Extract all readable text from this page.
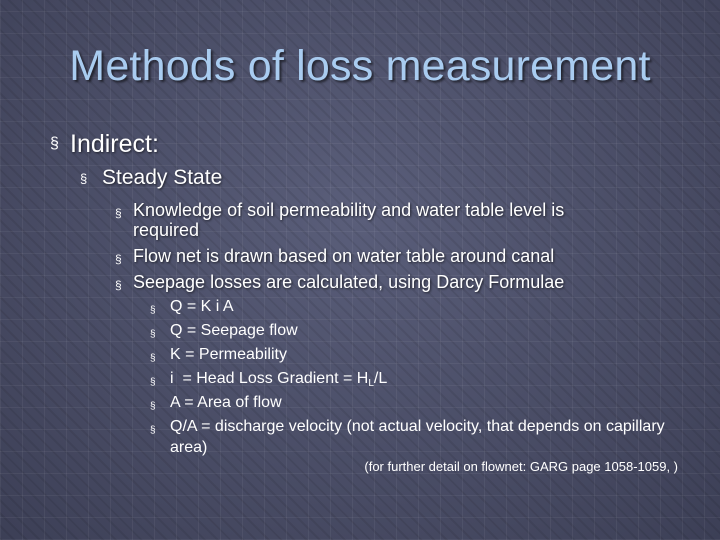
Methods of loss measurement
§ Indirect:
§ Steady State
§ Knowledge of soil permeability and water table level is required
§ Flow net is drawn based on water table around canal
§ Seepage losses are calculated, using Darcy Formulae
§ Q = K i A
§ Q = Seepage flow
§ K = Permeability
§ i  = Head Loss Gradient = $H_L/L$
§ A = Area of flow
§ Q/A = discharge velocity (not actual velocity, that depends on capillary area)
(for further detail on flownet: GARG page 1058-1059, )
